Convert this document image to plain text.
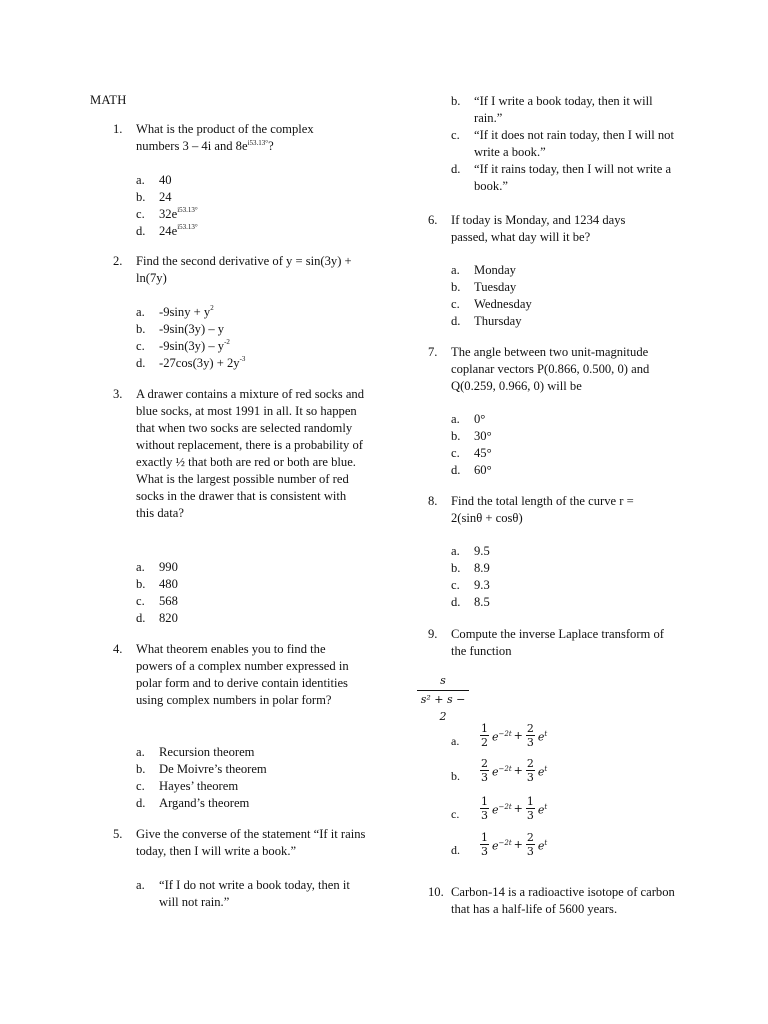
MATH
1. What is the product of the complex numbers 3 – 4i and $8e^{i53.13^\circ}$?
a. 40
b. 24
c. $32e^{i53.13^\circ}$
d. $24e^{i53.13^\circ}$
2. Find the second derivative of y = sin(3y) + ln(7y)
a. $-9\sin y + y^2$
b. -9sin(3y) – y
c. $-9\sin(3y) - y^{-2}$
d. $-27\cos(3y) + 2y^{-3}$
3. A drawer contains a mixture of red socks and blue socks, at most 1991 in all. It so happen that when two socks are selected randomly without replacement, there is a probability of exactly ½ that both are red or both are blue. What is the largest possible number of red socks in the drawer that is consistent with this data?
a. 990
b. 480
c. 568
d. 820
4. What theorem enables you to find the powers of a complex number expressed in polar form and to derive contain identities using complex numbers in polar form?
a. Recursion theorem
b. De Moivre’s theorem
c. Hayes’ theorem
d. Argand’s theorem
5. Give the converse of the statement “If it rains today, then I will write a book.”
a. “If I do not write a book today, then it will not rain.”
b. “If I write a book today, then it will rain.”
c. “If it does not rain today, then I will not write a book.”
d. “If it rains today, then I will not write a book.”
6. If today is Monday, and 1234 days passed, what day will it be?
a. Monday
b. Tuesday
c. Wednesday
d. Thursday
7. The angle between two unit-magnitude coplanar vectors P(0.866, 0.500, 0) and Q(0.259, 0.966, 0) will be
a. 0°
b. 30°
c. 45°
d. 60°
8. Find the total length of the curve r = 2(sinθ + cosθ)
a. 9.5
b. 8.9
c. 9.3
d. 8.5
9. Compute the inverse Laplace transform of the function
s
s² + s − 2
a. $\frac{1}{2} e^{-2t} + \frac{2}{3} e^t$
b. $\frac{2}{3} e^{-2t} + \frac{2}{3} e^t$
c. $\frac{1}{3} e^{-2t} + \frac{1}{3} e^t$
d. $\frac{1}{3} e^{-2t} + \frac{2}{3} e^t$
10. Carbon-14 is a radioactive isotope of carbon that has a half-life of 5600 years.
